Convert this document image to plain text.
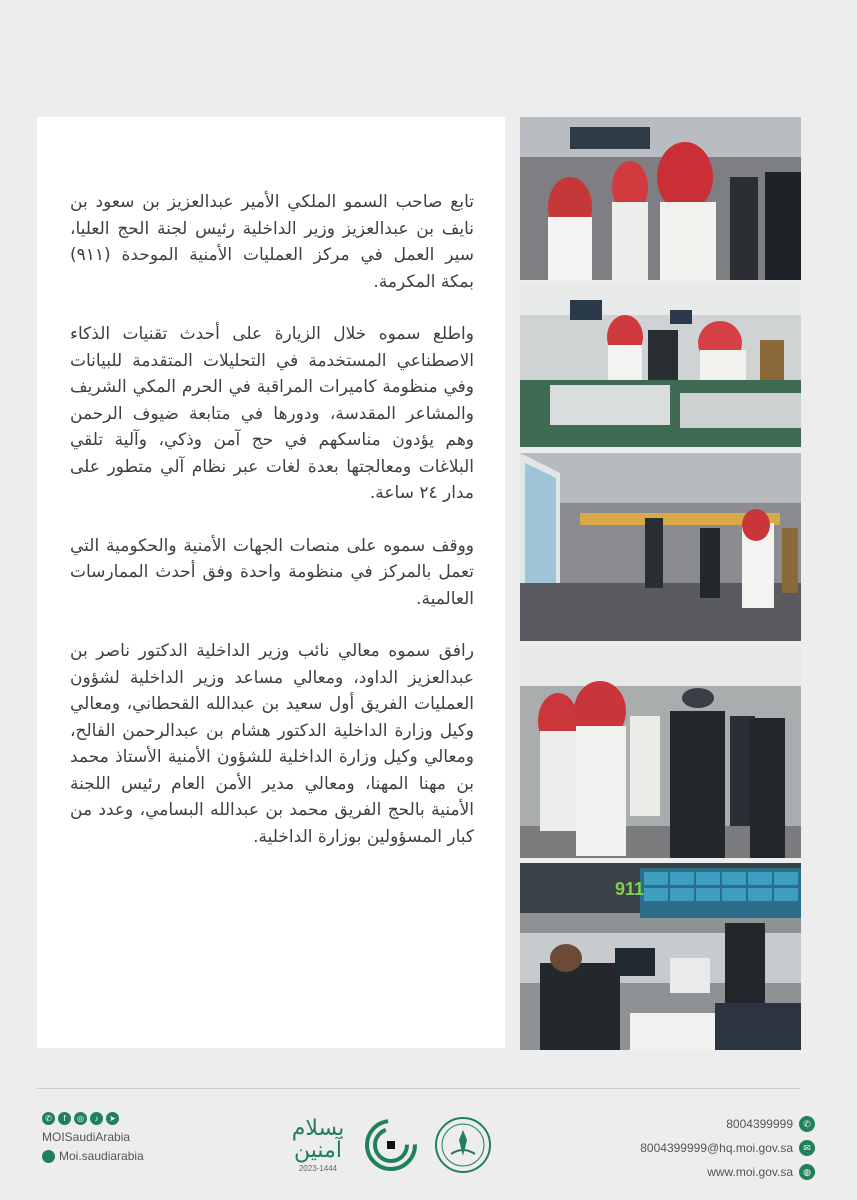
تابع صاحب السمو الملكي الأمير عبدالعزيز بن سعود بن نايف بن عبدالعزيز وزير الداخلية رئيس لجنة الحج العليا، سير العمل في مركز العمليات الأمنية الموحدة (٩١١) بمكة المكرمة.

واطلع سموه خلال الزيارة على أحدث تقنيات الذكاء الاصطناعي المستخدمة في التحليلات المتقدمة للبيانات وفي منظومة كاميرات المراقبة في الحرم المكي الشريف والمشاعر المقدسة، ودورها في متابعة ضيوف الرحمن وهم يؤدون مناسكهم في حج آمن وذكي، وآلية تلقي البلاغات ومعالجتها بعدة لغات عبر نظام آلي متطور على مدار ٢٤ ساعة.

ووقف سموه على منصات الجهات الأمنية والحكومية التي تعمل بالمركز في منظومة واحدة وفق أحدث الممارسات العالمية.

رافق سموه معالي نائب وزير الداخلية الدكتور ناصر بن عبدالعزيز الداود، ومعالي مساعد وزير الداخلية لشؤون العمليات الفريق أول سعيد بن عبدالله القحطاني، ومعالي وكيل وزارة الداخلية الدكتور هشام بن عبدالرحمن الفالح، ومعالي وكيل وزارة الداخلية للشؤون الأمنية الأستاذ محمد بن مهنا المهنا، ومعالي مدير الأمن العام رئيس اللجنة الأمنية بالحج الفريق محمد بن عبدالله البسامي، وعدد من كبار المسؤولين بوزارة الداخلية.

911
✆	f	◎	♪	➤
MOISaudiArabia
Moi.saudiarabia
بسلام آمنين
2023-1444
8004399999	✆
8004399999@hq.moi.gov.sa	✉
www.moi.gov.sa	◍
